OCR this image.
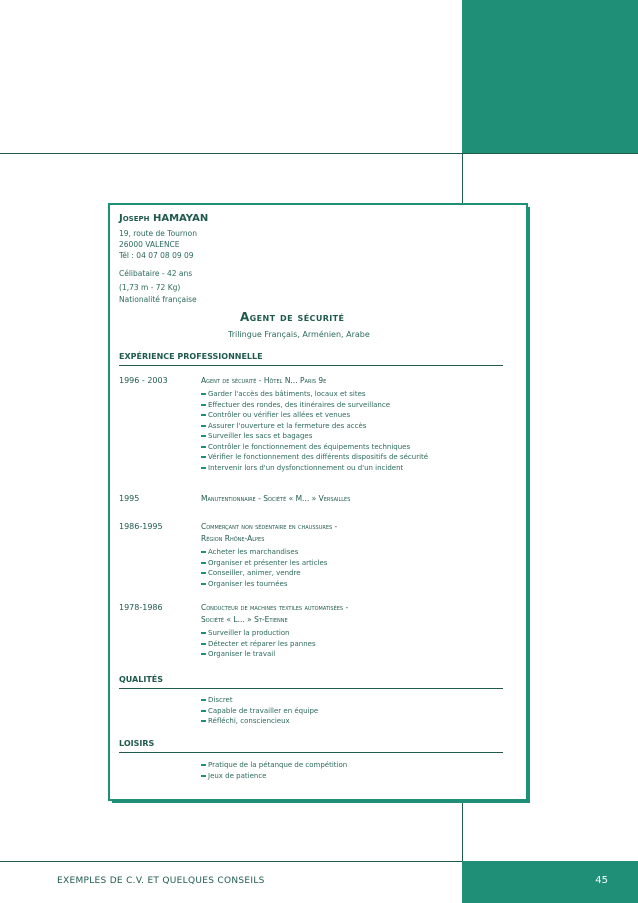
EXEMPLES DE C.V. ET QUELQUES CONSEILS	45
Joseph HAMAYAN
19, route de Tournon
26000 VALENCE
Tél : 04 07 08 09 09
Célibataire - 42 ans
(1,73 m - 72 Kg)
Nationalité française
Agent de sécurité
Trilingue Français, Arménien, Arabe
EXPÉRIENCE PROFESSIONNELLE
1996 - 2003	Agent de sécurité - Hôtel N... Paris 9e
Garder l'accès des bâtiments, locaux et sites
Effectuer des rondes, des itinéraires de surveillance
Contrôler ou vérifier les allées et venues
Assurer l'ouverture et la fermeture des accès
Surveiller les sacs et bagages
Contrôler le fonctionnement des équipements techniques
Vérifier le fonctionnement des différents dispositifs de sécurité
Intervenir lors d'un dysfonctionnement ou d'un incident
1995	Manutentionnaire - Société « M... » Versailles
1986-1995	Commerçant non sédentaire en chaussures -
Région Rhône-Alpes
Acheter les marchandises
Organiser et présenter les articles
Conseiller, animer, vendre
Organiser les tournées
1978-1986	Conducteur de machines textiles automatisées -
Société « L... » St-Etienne
Surveiller la production
Détecter et réparer les pannes
Organiser le travail
QUALITÉS
Discret
Capable de travailler en équipe
Réfléchi, consciencieux
LOISIRS
Pratique de la pétanque de compétition
Jeux de patience
